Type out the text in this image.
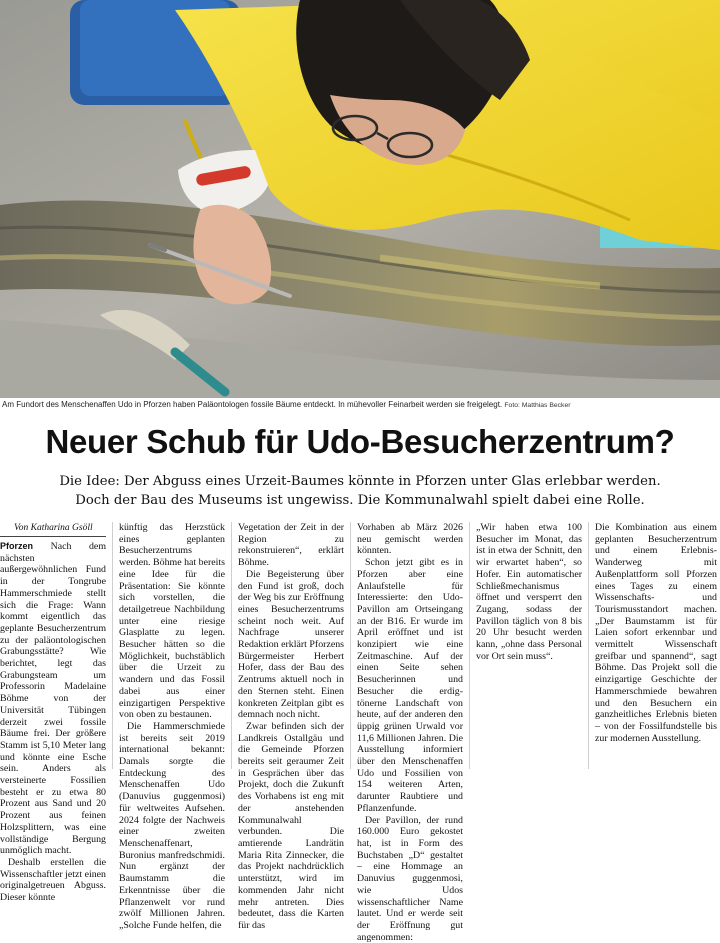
Am Fundort des Menschenaffen Udo in Pforzen haben Paläontologen fossile Bäume entdeckt. In mühevoller Feinarbeit werden sie freigelegt. Foto: Matthias Becker
Neuer Schub für Udo-Besucherzentrum?
Die Idee: Der Abguss eines Urzeit-Baumes könnte in Pforzen unter Glas erlebbar werden.
Doch der Bau des Museums ist ungewiss. Die Kommunalwahl spielt dabei eine Rolle.
Von Katharina Gsöll

Pforzen Nach dem nächsten außergewöhnlichen Fund in der Tongrube Hammerschmiede stellt sich die Frage: Wann kommt eigentlich das geplante Besucherzentrum zu der paläontologischen Grabungsstätte? Wie berichtet, legt das Grabungsteam um Professorin Madelaine Böhme von der Universität Tübingen derzeit zwei fossile Bäume frei. Der größere Stamm ist 5,10 Meter lang und könnte eine Esche sein. Anders als versteinerte Fossilien besteht er zu etwa 80 Prozent aus Sand und 20 Prozent aus feinen Holzsplittern, was eine vollständige Bergung unmöglich macht.

Deshalb erstellen die Wissenschaftler jetzt einen originalgetreuen Abguss. Dieser könnte

künftig das Herzstück eines geplanten Besucherzentrums werden. Böhme hat bereits eine Idee für die Präsentation: Sie könnte sich vorstellen, die detailgetreue Nachbildung unter eine riesige Glasplatte zu legen. Besucher hätten so die Möglichkeit, buchstäblich über die Urzeit zu wandern und das Fossil dabei aus einer einzigartigen Perspektive von oben zu bestaunen.

Die Hammerschmiede ist bereits seit 2019 international bekannt: Damals sorgte die Entdeckung des Menschenaffen Udo (Danuvius guggenmosi) für weltweites Aufsehen. 2024 folgte der Nachweis einer zweiten Menschenaffenart, Buronius manfredschmidi. Nun ergänzt der Baumstamm die Erkenntnisse über die Pflanzenwelt vor rund zwölf Millionen Jahren. „Solche Funde helfen, die

Vegetation der Zeit in der Region zu rekonstruieren“, erklärt Böhme.

Die Begeisterung über den Fund ist groß, doch der Weg bis zur Eröffnung eines Besucherzentrums scheint noch weit. Auf Nachfrage unserer Redaktion erklärt Pforzens Bürgermeister Herbert Hofer, dass der Bau des Zentrums aktuell noch in den Sternen steht. Einen konkreten Zeitplan gibt es demnach noch nicht.

Zwar befinden sich der Landkreis Ostallgäu und die Gemeinde Pforzen bereits seit geraumer Zeit in Gesprächen über das Projekt, doch die Zukunft des Vorhabens ist eng mit der anstehenden Kommunalwahl verbunden. Die amtierende Landrätin Maria Rita Zinnecker, die das Projekt nachdrücklich unterstützt, wird im kommenden Jahr nicht mehr antreten. Dies bedeutet, dass die Karten für das

Vorhaben ab März 2026 neu gemischt werden könnten.

Schon jetzt gibt es in Pforzen aber eine Anlaufstelle für Interessierte: den Udo-Pavillon am Ortseingang an der B16. Er wurde im April eröffnet und ist konzipiert wie eine Zeitmaschine. Auf der einen Seite sehen Besucherinnen und Besucher die erdig-tönerne Landschaft von heute, auf der anderen den üppig grünen Urwald vor 11,6 Millionen Jahren. Die Ausstellung informiert über den Menschenaffen Udo und Fossilien von 154 weiteren Arten, darunter Raubtiere und Pflanzenfunde.

Der Pavillon, der rund 160.000 Euro gekostet hat, ist in Form des Buchstaben „D“ gestaltet – eine Hommage an Danuvius guggenmosi, wie Udos wissenschaftlicher Name lautet. Und er werde seit der Eröffnung gut angenommen:

„Wir haben etwa 100 Besucher im Monat, das ist in etwa der Schnitt, den wir erwartet haben“, so Hofer. Ein automatischer Schließmechanismus öffnet und versperrt den Zugang, sodass der Pavillon täglich von 8 bis 20 Uhr besucht werden kann, „ohne dass Personal vor Ort sein muss“.

Die Kombination aus einem geplanten Besucherzentrum und einem Erlebnis-Wanderweg mit Außenplattform soll Pforzen eines Tages zu einem Wissenschafts- und Tourismusstandort machen. „Der Baumstamm ist für Laien sofort erkennbar und vermittelt Wissenschaft greifbar und spannend“, sagt Böhme. Das Projekt soll die einzigartige Geschichte der Hammerschmiede bewahren und den Besuchern ein ganzheitliches Erlebnis bieten – von der Fossilfundstelle bis zur modernen Ausstellung.
